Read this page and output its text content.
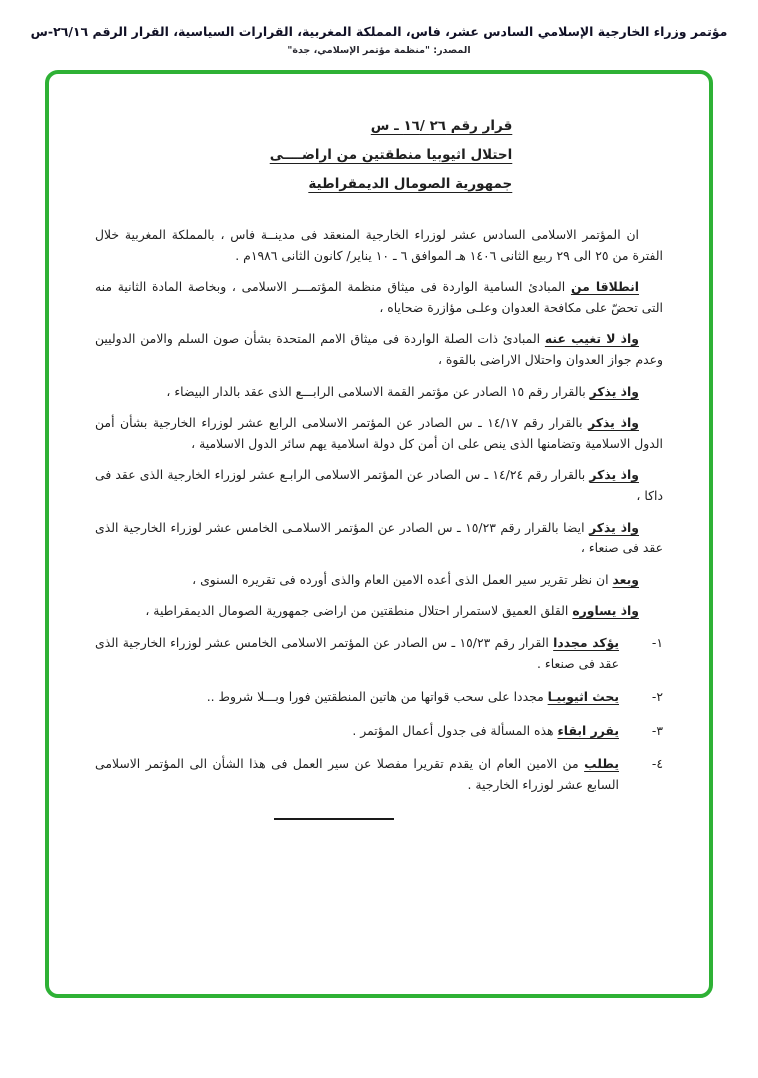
مؤتمر وزراء الخارجية الإسلامي السادس عشر، فاس، المملكة المغربية، القرارات السياسية، القرار الرقم ٢٦/١٦-س
المصدر: "منظمة مؤتمر الإسلامي، جدة"
قرار رقم ٢٦ /١٦ ـ س
احتلال اثيوبيا منطقتين من اراضــــى
جمهورية الصومال الديمقراطية
ان المؤتمر الاسلامى السادس عشر لوزراء الخارجية المنعقد فى مدينــة فاس ، بالمملكة المغربية خلال الفترة من ٢٥ الى ٢٩ ربيع الثانى ١٤٠٦ هـ الموافق ٦ ـ ١٠ يناير/ كانون الثانى ١٩٨٦م .
انطلاقا من المبادئ السامية الواردة فى ميثاق منظمة المؤتمـــر الاسلامى ، وبخاصة المادة الثانية منه التى تحضّ على مكافحة العدوان وعلـى مؤازرة ضحاياه ،
واذ لا تغيب عنه المبادئ ذات الصلة الواردة فى ميثاق الامم المتحدة بشأن صون السلم والامن الدوليين وعدم جواز العدوان واحتلال الاراضى بالقوة ،
واذ يذكر بالقرار رقم ١٥ الصادر عن مؤتمر القمة الاسلامى الرابـــع الذى عقد بالدار البيضاء ،
واذ يذكر بالقرار رقم ١٤/١٧ ـ س الصادر عن المؤتمر الاسلامى الرابع عشر لوزراء الخارجية بشأن أمن الدول الاسلامية وتضامنها الذى ينص على ان أمن كل دولة اسلامية يهم سائر الدول الاسلامية ،
واذ يذكر بالقرار رقم ١٤/٢٤ ـ س الصادر عن المؤتمر الاسلامى الرابـع عشر لوزراء الخارجية الذى عقد فى داكا ،
واذ يذكر ايضا بالقرار رقم ١٥/٢٣ ـ س الصادر عن المؤتمر الاسلامـى الخامس عشر لوزراء الخارجية الذى عقد فى صنعاء ،
وبعد ان نظر تقرير سير العمل الذى أعده الامين العام والذى أورده فى تقريره السنوى ،
واذ يساوره القلق العميق لاستمرار احتلال منطقتين من اراضى جمهورية الصومال الديمقراطية ،
١-
يؤكد مجددا القرار رقم ١٥/٢٣ ـ س الصادر عن المؤتمر الاسلامى الخامس عشر لوزراء الخارجية الذى عقد فى صنعاء .
٢-
يحث اثيوبيـا مجددا على سحب قواتها من هاتين المنطقتين فورا وبـــلا شروط ..
٣-
يقرر ابقاء هذه المسألة فى جدول أعمال المؤتمر .
٤-
يطلب من الامين العام ان يقدم تقريرا مفصلا عن سير العمل فى هذا الشأن الى المؤتمر الاسلامى السابع عشر لوزراء الخارجية .
